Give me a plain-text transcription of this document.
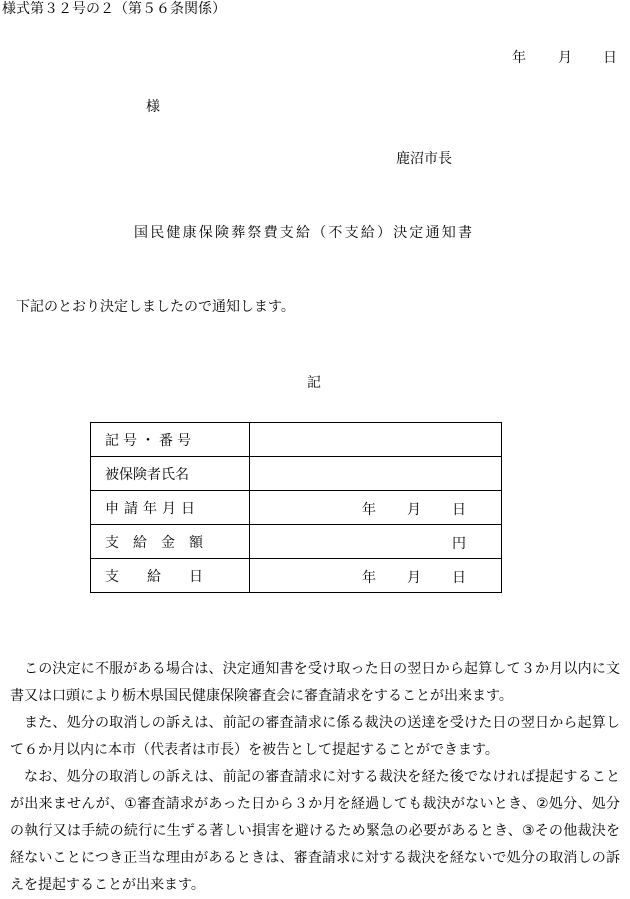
様式第３２号の２（第５６条関係）
年 月 日
様
鹿沼市長
国民健康保険葬祭費支給（不支給）決定通知書
下記のとおり決定しましたので通知します。
記
記号・番号	
被保険者氏名	
申請年月日	年 月 日

支　給　金　額	円

支　　給　　日	年 月 日

この決定に不服がある場合は、決定通知書を受け取った日の翌日から起算して３か月以内に文書又は口頭により栃木県国民健康保険審査会に審査請求をすることが出来ます。

また、処分の取消しの訴えは、前記の審査請求に係る裁決の送達を受けた日の翌日から起算して６か月以内に本市（代表者は市長）を被告として提起することができます。

なお、処分の取消しの訴えは、前記の審査請求に対する裁決を経た後でなければ提起することが出来ませんが、①審査請求があった日から３か月を経過しても裁決がないとき、②処分、処分の執行又は手続の続行に生ずる著しい損害を避けるため緊急の必要があるとき、③その他裁決を経ないことにつき正当な理由があるときは、審査請求に対する裁決を経ないで処分の取消しの訴えを提起することが出来ます。
